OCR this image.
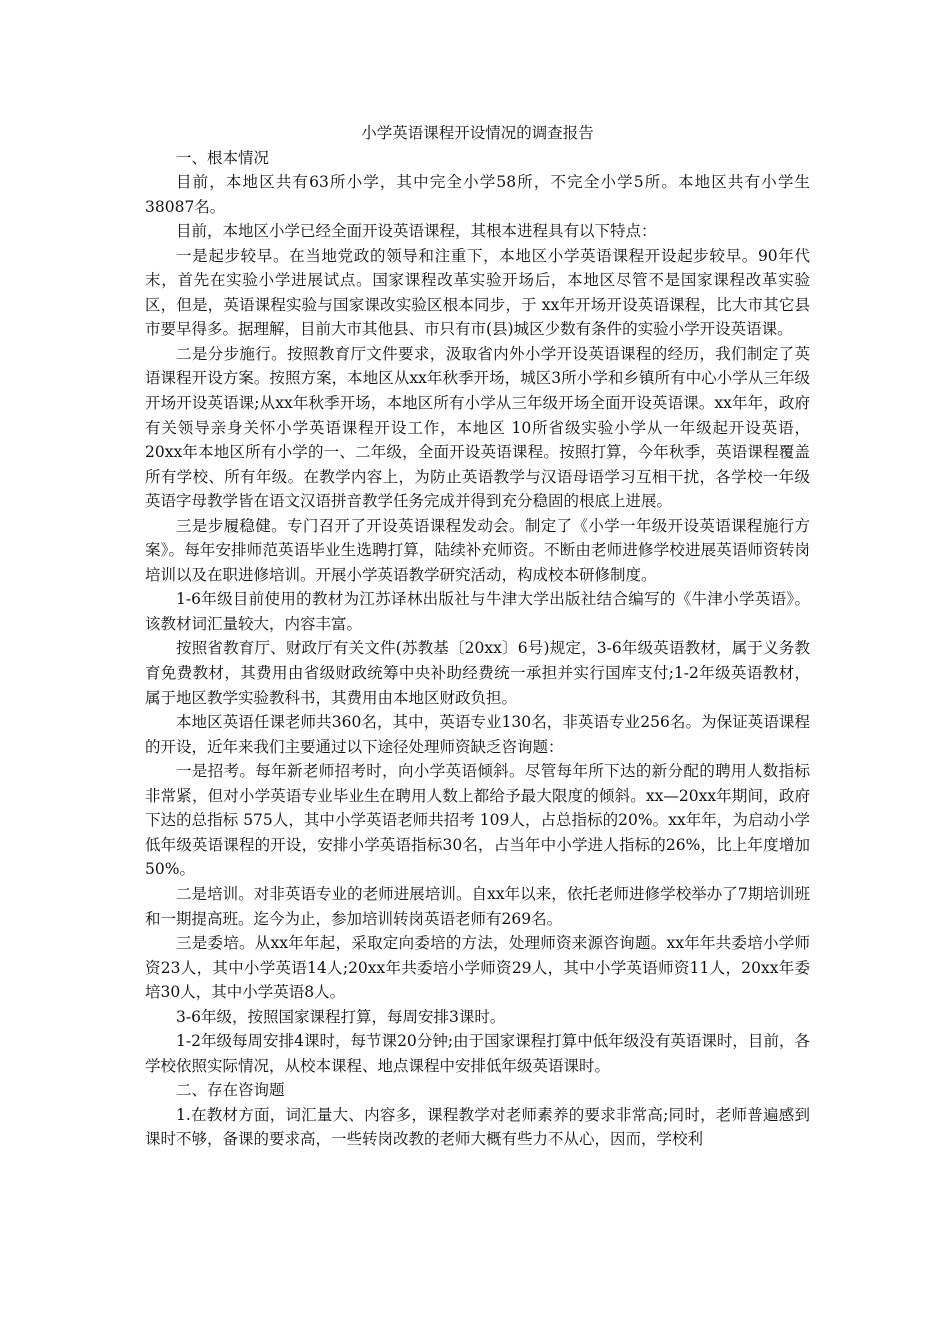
小学英语课程开设情况的调查报告

一、根本情况

目前，本地区共有63所小学，其中完全小学58所，不完全小学5所。本地区共有小学生38087名。

目前，本地区小学已经全面开设英语课程，其根本进程具有以下特点：

一是起步较早。在当地党政的领导和注重下，本地区小学英语课程开设起步较早。90年代末，首先在实验小学进展试点。国家课程改革实验开场后，本地区尽管不是国家课程改革实验区，但是，英语课程实验与国家课改实验区根本同步，于 xx年开场开设英语课程，比大市其它县市要早得多。据理解，目前大市其他县、市只有市(县)城区少数有条件的实验小学开设英语课。

二是分步施行。按照教育厅文件要求，汲取省内外小学开设英语课程的经历，我们制定了英语课程开设方案。按照方案，本地区从xx年秋季开场，城区3所小学和乡镇所有中心小学从三年级开场开设英语课;从xx年秋季开场，本地区所有小学从三年级开场全面开设英语课。xx年年，政府有关领导亲身关怀小学英语课程开设工作，本地区 10所省级实验小学从一年级起开设英语，20xx年本地区所有小学的一、二年级，全面开设英语课程。按照打算，今年秋季，英语课程覆盖所有学校、所有年级。在教学内容上，为防止英语教学与汉语母语学习互相干扰，各学校一年级英语字母教学皆在语文汉语拼音教学任务完成并得到充分稳固的根底上进展。

三是步履稳健。专门召开了开设英语课程发动会。制定了《小学一年级开设英语课程施行方案》。每年安排师范英语毕业生选聘打算，陆续补充师资。不断由老师进修学校进展英语师资转岗培训以及在职进修培训。开展小学英语教学研究活动，构成校本研修制度。

1-6年级目前使用的教材为江苏译林出版社与牛津大学出版社结合编写的《牛津小学英语》。该教材词汇量较大，内容丰富。

按照省教育厅、财政厅有关文件(苏教基〔20xx〕6号)规定，3-6年级英语教材，属于义务教育免费教材，其费用由省级财政统筹中央补助经费统一承担并实行国库支付;1-2年级英语教材，属于地区教学实验教科书，其费用由本地区财政负担。

本地区英语任课老师共360名，其中，英语专业130名，非英语专业256名。为保证英语课程的开设，近年来我们主要通过以下途径处理师资缺乏咨询题：

一是招考。每年新老师招考时，向小学英语倾斜。尽管每年所下达的新分配的聘用人数指标非常紧，但对小学英语专业毕业生在聘用人数上都给予最大限度的倾斜。xx—20xx年期间，政府下达的总指标 575人，其中小学英语老师共招考 109人，占总指标的20%。xx年年，为启动小学低年级英语课程的开设，安排小学英语指标30名，占当年中小学进人指标的26%，比上年度增加50%。

二是培训。对非英语专业的老师进展培训。自xx年以来，依托老师进修学校举办了7期培训班和一期提高班。迄今为止，参加培训转岗英语老师有269名。

三是委培。从xx年年起，采取定向委培的方法，处理师资来源咨询题。xx年年共委培小学师资23人，其中小学英语14人;20xx年共委培小学师资29人，其中小学英语师资11人，20xx年委培30人，其中小学英语8人。

3-6年级，按照国家课程打算，每周安排3课时。

1-2年级每周安排4课时，每节课20分钟;由于国家课程打算中低年级没有英语课时，目前，各学校依照实际情况，从校本课程、地点课程中安排低年级英语课时。

二、存在咨询题

1.在教材方面，词汇量大、内容多，课程教学对老师素养的要求非常高;同时，老师普遍感到课时不够，备课的要求高，一些转岗改教的老师大概有些力不从心，因而，学校利
